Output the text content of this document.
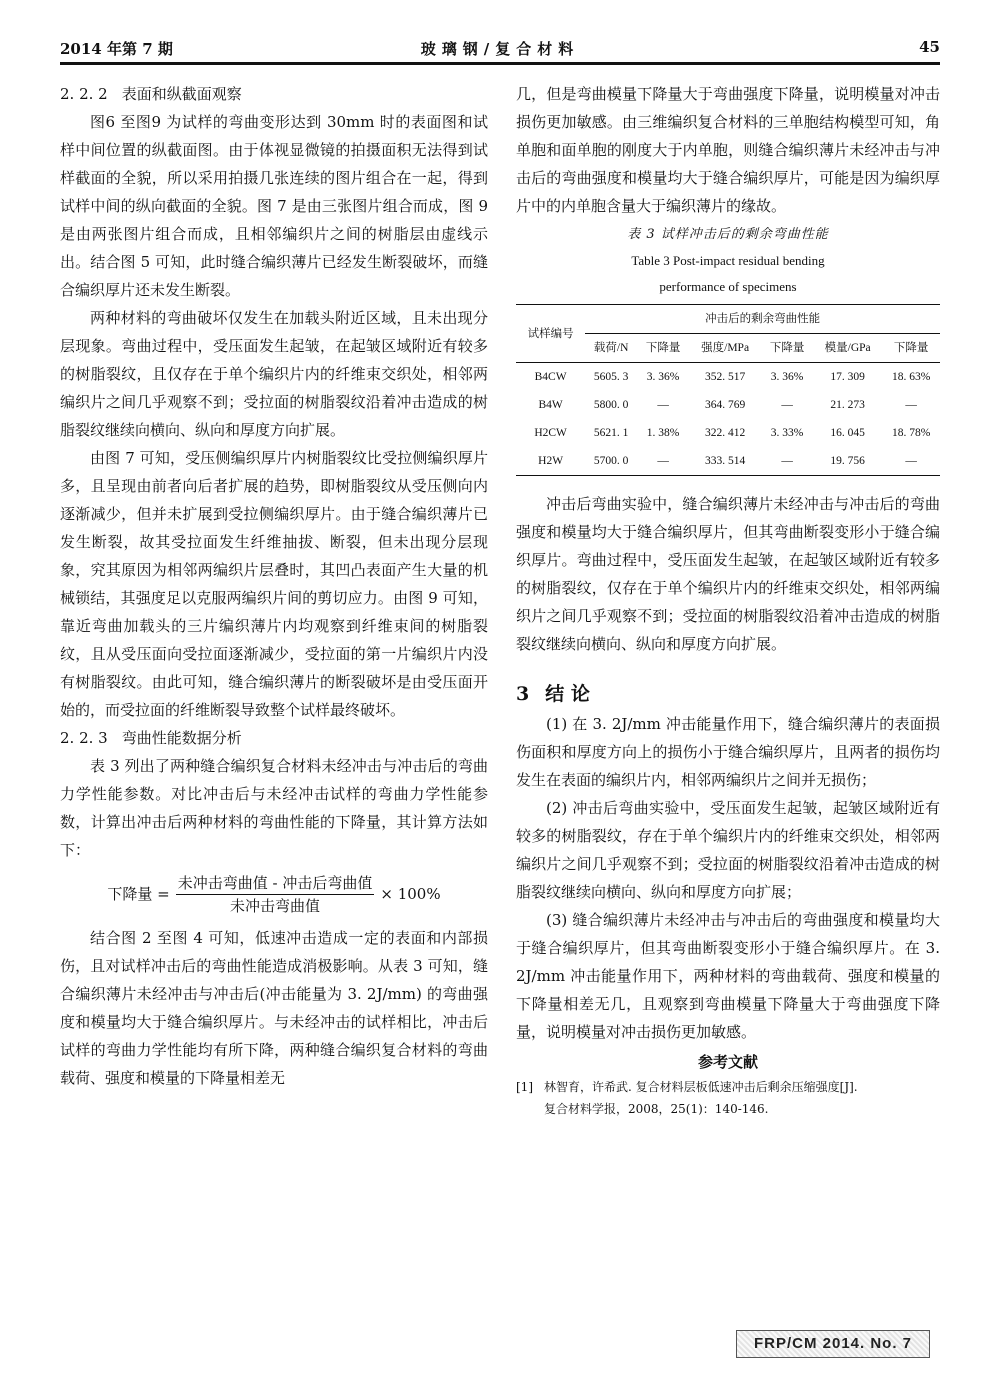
2014 年第 7 期	玻璃钢/复合材料	45
2. 2. 2 表面和纵截面观察

图6 至图9 为试样的弯曲变形达到 30mm 时的表面图和试样中间位置的纵截面图。由于体视显微镜的拍摄面积无法得到试样截面的全貌，所以采用拍摄几张连续的图片组合在一起，得到试样中间的纵向截面的全貌。图 7 是由三张图片组合而成，图 9 是由两张图片组合而成，且相邻编织片之间的树脂层由虚线示出。结合图 5 可知，此时缝合编织薄片已经发生断裂破坏，而缝合编织厚片还未发生断裂。

两种材料的弯曲破坏仅发生在加载头附近区域，且未出现分层现象。弯曲过程中，受压面发生起皱，在起皱区域附近有较多的树脂裂纹，且仅存在于单个编织片内的纤维束交织处，相邻两编织片之间几乎观察不到；受拉面的树脂裂纹沿着冲击造成的树脂裂纹继续向横向、纵向和厚度方向扩展。

由图 7 可知，受压侧编织厚片内树脂裂纹比受拉侧编织厚片多，且呈现由前者向后者扩展的趋势，即树脂裂纹从受压侧向内逐渐减少，但并未扩展到受拉侧编织厚片。由于缝合编织薄片已发生断裂，故其受拉面发生纤维抽拔、断裂，但未出现分层现象，究其原因为相邻两编织片层叠时，其凹凸表面产生大量的机械锁结，其强度足以克服两编织片间的剪切应力。由图 9 可知，靠近弯曲加载头的三片编织薄片内均观察到纤维束间的树脂裂纹，且从受压面向受拉面逐渐减少，受拉面的第一片编织片内没有树脂裂纹。由此可知，缝合编织薄片的断裂破坏是由受压面开始的，而受拉面的纤维断裂导致整个试样最终破坏。

2. 2. 3 弯曲性能数据分析

表 3 列出了两种缝合编织复合材料未经冲击与冲击后的弯曲力学性能参数。对比冲击后与未经冲击试样的弯曲力学性能参数，计算出冲击后两种材料的弯曲性能的下降量，其计算方法如下：

下降量 = $\frac{\text{未冲击弯曲值 - 冲击后弯曲值}}{\text{未冲击弯曲值}} \times 100\%$

结合图 2 至图 4 可知，低速冲击造成一定的表面和内部损伤，且对试样冲击后的弯曲性能造成消极影响。从表 3 可知，缝合编织薄片未经冲击与冲击后(冲击能量为 3. 2J/mm) 的弯曲强度和模量均大于缝合编织厚片。与未经冲击的试样相比，冲击后试样的弯曲力学性能均有所下降，两种缝合编织复合材料的弯曲载荷、强度和模量的下降量相差无

几，但是弯曲模量下降量大于弯曲强度下降量，说明模量对冲击损伤更加敏感。由三维编织复合材料的三单胞结构模型可知，角单胞和面单胞的刚度大于内单胞，则缝合编织薄片未经冲击与冲击后的弯曲强度和模量均大于缝合编织厚片，可能是因为编织厚片中的内单胞含量大于编织薄片的缘故。

表 3 试样冲击后的剩余弯曲性能
Table 3 Post-impact residual bending
performance of specimens
试样编号	冲击后的剩余弯曲性能					
	载荷/N	下降量	强度/MPa	下降量	模量/GPa	下降量
B4CW	5605. 3	3. 36%	352. 517	3. 36%	17. 309	18. 63%
B4W	5800. 0	—	364. 769	—	21. 273	—
H2CW	5621. 1	1. 38%	322. 412	3. 33%	16. 045	18. 78%
H2W	5700. 0	—	333. 514	—	19. 756	—

冲击后弯曲实验中，缝合编织薄片未经冲击与冲击后的弯曲强度和模量均大于缝合编织厚片，但其弯曲断裂变形小于缝合编织厚片。弯曲过程中，受压面发生起皱，在起皱区域附近有较多的树脂裂纹，仅存在于单个编织片内的纤维束交织处，相邻两编织片之间几乎观察不到；受拉面的树脂裂纹沿着冲击造成的树脂裂纹继续向横向、纵向和厚度方向扩展。

3 结 论

(1) 在 3. 2J/mm 冲击能量作用下，缝合编织薄片的表面损伤面积和厚度方向上的损伤小于缝合编织厚片，且两者的损伤均发生在表面的编织片内，相邻两编织片之间并无损伤；

(2) 冲击后弯曲实验中，受压面发生起皱，起皱区域附近有较多的树脂裂纹，存在于单个编织片内的纤维束交织处，相邻两编织片之间几乎观察不到；受拉面的树脂裂纹沿着冲击造成的树脂裂纹继续向横向、纵向和厚度方向扩展；

(3) 缝合编织薄片未经冲击与冲击后的弯曲强度和模量均大于缝合编织厚片，但其弯曲断裂变形小于缝合编织厚片。在 3. 2J/mm 冲击能量作用下，两种材料的弯曲载荷、强度和模量的下降量相差无几，且观察到弯曲模量下降量大于弯曲强度下降量，说明模量对冲击损伤更加敏感。

参考文献
[1] 林智育，许希武. 复合材料层板低速冲击后剩余压缩强度[J].
复合材料学报，2008，25(1)：140-146.
FRP/CM 2014. No. 7
